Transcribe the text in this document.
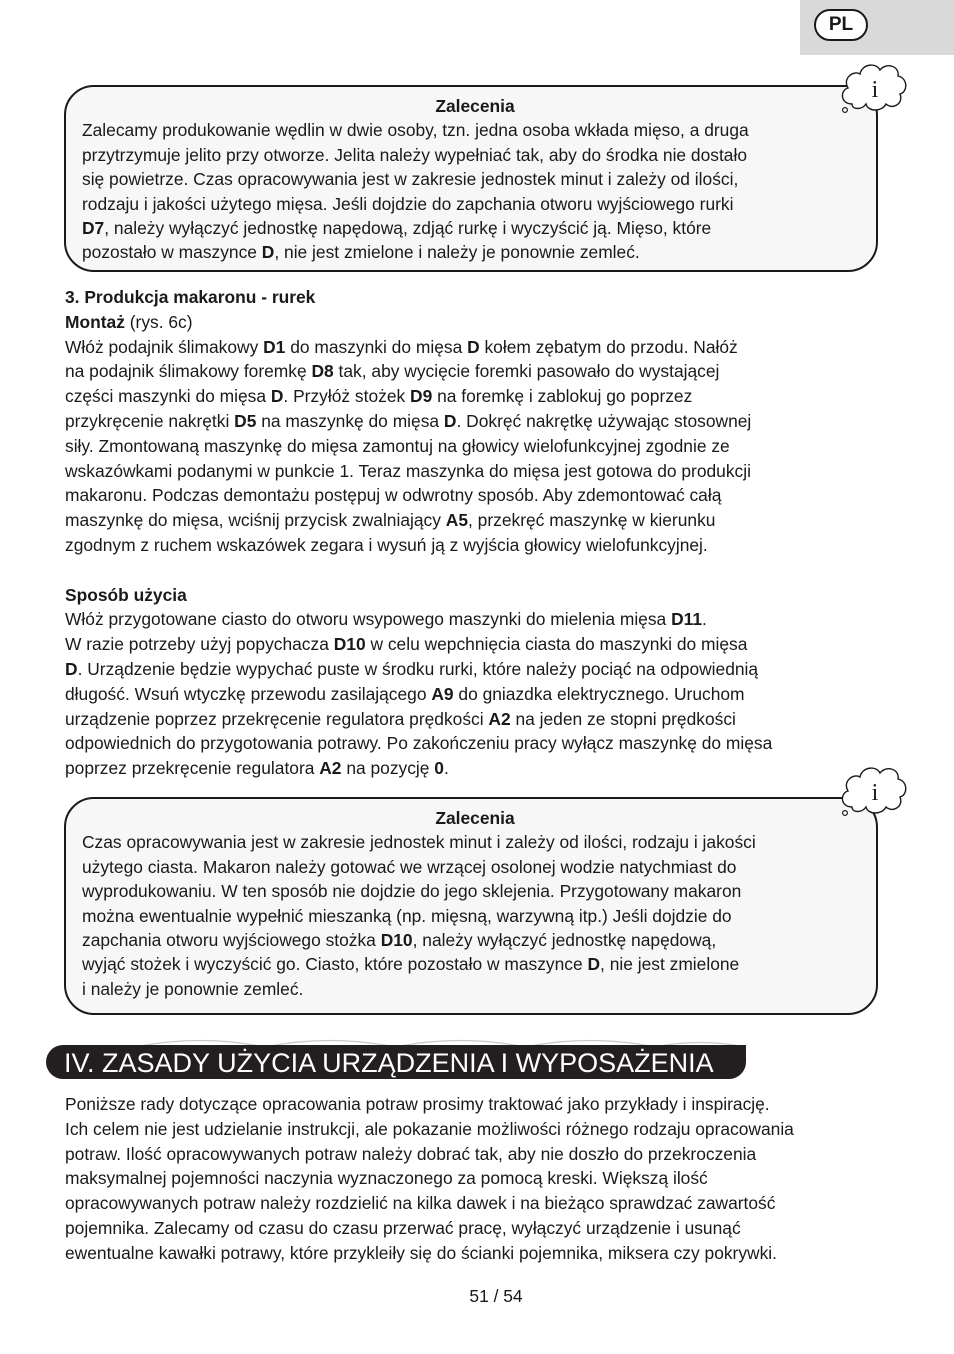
PL
Zalecenia

Zalecamy produkowanie wędlin w dwie osoby, tzn. jedna osoba wkłada mięso, a druga

przytrzymuje jelito przy otworze. Jelita należy wypełniać tak, aby do środka nie dostało

się powietrze. Czas opracowywania jest w zakresie jednostek minut i zależy od ilości,

rodzaju i jakości użytego mięsa. Jeśli dojdzie do zapchania otworu wyjściowego rurki

D7, należy wyłączyć jednostkę napędową, zdjąć rurkę i wyczyścić ją. Mięso, które

pozostało w maszynce D, nie jest zmielone i należy je ponownie zemleć.

i

3. Produkcja makaronu - rurek

Montaż (rys. 6c)

Włóż podajnik ślimakowy D1 do maszynki do mięsa D kołem zębatym do przodu. Nałóż

na podajnik ślimakowy foremkę D8 tak, aby wycięcie foremki pasowało do wystającej

części maszynki do mięsa D. Przyłóż stożek D9 na foremkę i zablokuj go poprzez

przykręcenie nakrętki D5 na maszynkę do mięsa D. Dokręć nakrętkę używając stosownej

siły. Zmontowaną maszynkę do mięsa zamontuj na głowicy wielofunkcyjnej zgodnie ze

wskazówkami podanymi w punkcie 1. Teraz maszynka do mięsa jest gotowa do produkcji

makaronu. Podczas demontażu postępuj w odwrotny sposób. Aby zdemontować całą

maszynkę do mięsa, wciśnij przycisk zwalniający A5, przekręć maszynkę w kierunku

zgodnym z ruchem wskazówek zegara i wysuń ją z wyjścia głowicy wielofunkcyjnej.

Sposób użycia

Włóż przygotowane ciasto do otworu wsypowego maszynki do mielenia mięsa D11.

W razie potrzeby użyj popychacza D10 w celu wepchnięcia ciasta do maszynki do mięsa

D. Urządzenie będzie wypychać puste w środku rurki, które należy pociąć na odpowiednią

długość. Wsuń wtyczkę przewodu zasilającego A9 do gniazdka elektrycznego. Uruchom

urządzenie poprzez przekręcenie regulatora prędkości A2 na jeden ze stopni prędkości

odpowiednich do przygotowania potrawy. Po zakończeniu pracy wyłącz maszynkę do mięsa

poprzez przekręcenie regulatora A2 na pozycję 0.

Zalecenia

Czas opracowywania jest w zakresie jednostek minut i zależy od ilości, rodzaju i jakości

użytego ciasta. Makaron należy gotować we wrzącej osolonej wodzie natychmiast do

wyprodukowaniu. W ten sposób nie dojdzie do jego sklejenia. Przygotowany makaron

można ewentualnie wypełnić mieszanką (np. mięsną, warzywną itp.) Jeśli dojdzie do

zapchania otworu wyjściowego stożka D10, należy wyłączyć jednostkę napędową,

wyjąć stożek i wyczyścić go. Ciasto, które pozostało w maszynce D, nie jest zmielone

i należy je ponownie zemleć.

i
IV. ZASADY UŻYCIA URZĄDZENIA I WYPOSAŻENIA

Poniższe rady dotyczące opracowania potraw prosimy traktować jako przykłady i inspirację.

Ich celem nie jest udzielanie instrukcji, ale pokazanie możliwości różnego rodzaju opracowania

potraw. Ilość opracowywanych potraw należy dobrać tak, aby nie doszło do przekroczenia

maksymalnej pojemności naczynia wyznaczonego za pomocą kreski. Większą ilość

opracowywanych potraw należy rozdzielić na kilka dawek i na bieżąco sprawdzać zawartość

pojemnika. Zalecamy od czasu do czasu przerwać pracę, wyłączyć urządzenie i usunąć

ewentualne kawałki potrawy, które przykleiły się do ścianki pojemnika, miksera czy pokrywki.

51 / 54
